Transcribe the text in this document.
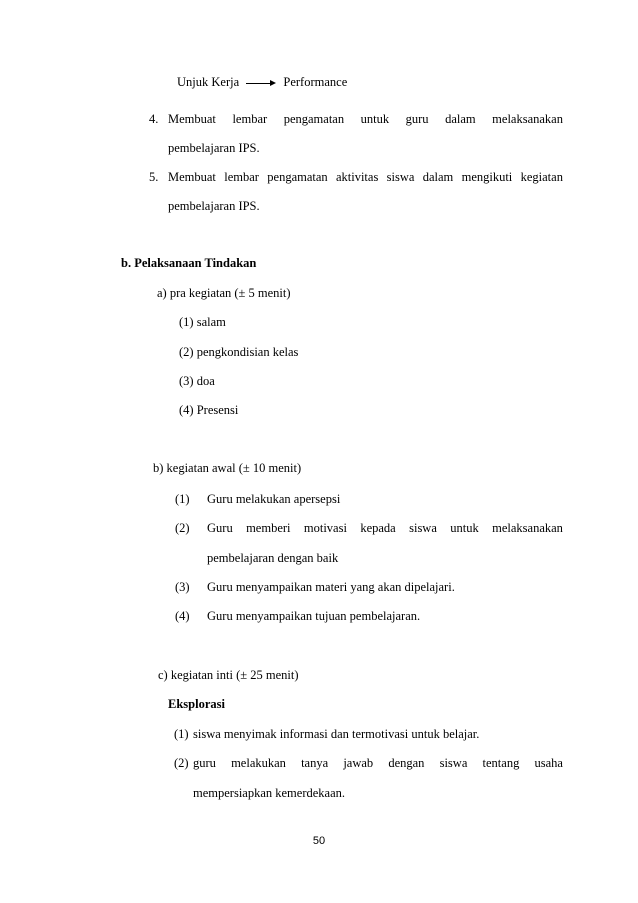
Unjuk Kerja	Performance
4. Membuat lembar pengamatan untuk guru dalam melaksanakan
pembelajaran IPS.
5. Membuat lembar pengamatan aktivitas siswa dalam mengikuti kegiatan
pembelajaran IPS.
b. Pelaksanaan Tindakan
a) pra kegiatan (± 5 menit)
(1) salam
(2) pengkondisian kelas
(3) doa
(4) Presensi
b) kegiatan awal (± 10 menit)
(1) Guru melakukan apersepsi
(2) Guru memberi motivasi kepada siswa untuk melaksanakan
pembelajaran dengan baik
(3) Guru menyampaikan materi yang akan dipelajari.
(4) Guru menyampaikan tujuan pembelajaran.
c) kegiatan inti (± 25 menit)
Eksplorasi
(1) siswa menyimak informasi dan termotivasi untuk belajar.
(2) guru melakukan tanya jawab dengan siswa tentang usaha
mempersiapkan kemerdekaan.
50
